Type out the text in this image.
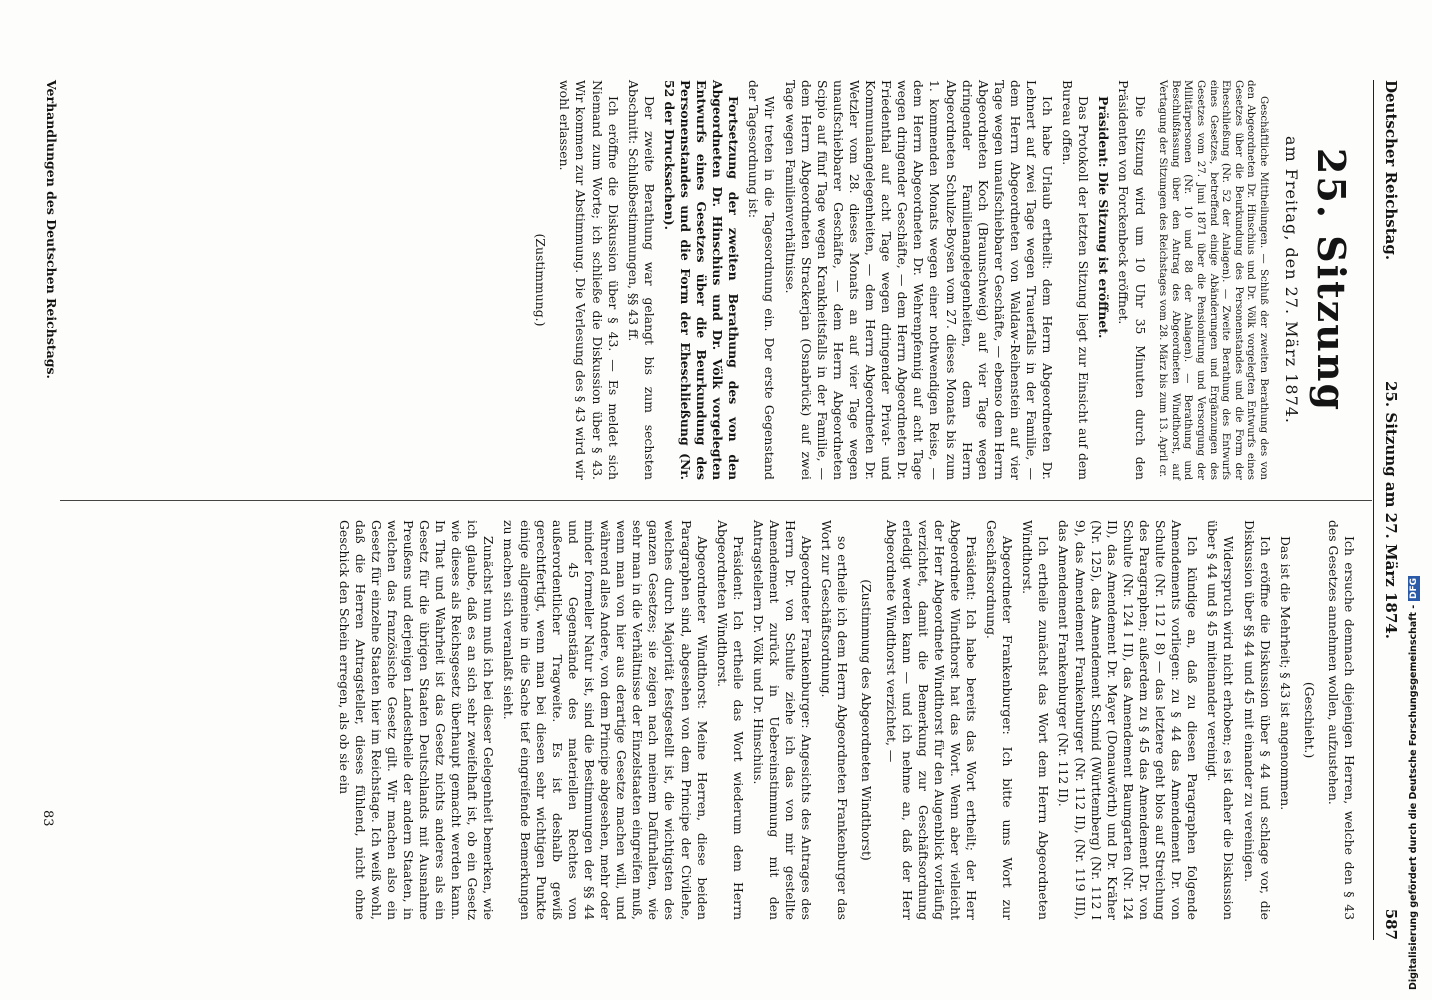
Deutscher Reichstag.
25. Sitzung am 27. März 1874.
587
25. Sitzung
am Freitag, den 27. März 1874.

Geschäftliche Mittheilungen. — Schluß der zweiten Berathung des von den Abgeordneten Dr. Hinschius und Dr. Völk vorgelegten Entwurfs eines Gesetzes über die Beurkundung des Personenstandes und die Form der Eheschließung (Nr. 52 der Anlagen). — Zweite Berathung des Entwurfs eines Gesetzes, betreffend einige Abänderungen und Ergänzungen des Gesetzes vom 27. Juni 1871 über die Pensionirung und Versorgung der Militärpersonen (Nr. 10 und 88 der Anlagen). — Berathung und Beschlußfassung über den Antrag des Abgeordneten Windthorst, auf Vertagung der Sitzungen des Reichstages vom 28. März bis zum 13. April cr.

Die Sitzung wird um 10 Uhr 35 Minuten durch den Präsidenten von Forckenbeck eröffnet.

Präsident: Die Sitzung ist eröffnet.

Das Protokoll der letzten Sitzung liegt zur Einsicht auf dem Bureau offen.

Ich habe Urlaub ertheilt: dem Herrn Abgeordneten Dr. Lehnert auf zwei Tage wegen Trauerfalls in der Familie, — dem Herrn Abgeordneten von Waldaw-Reihenstein auf vier Tage wegen unaufschiebbarer Geschäfte, — ebenso dem Herrn Abgeordneten Koch (Braunschweig) auf vier Tage wegen dringender Familienangelegenheiten, dem Herrn Abgeordneten Schulze-Boysen vom 27. dieses Monats bis zum 1. kommenden Monats wegen einer nothwendigen Reise, — dem Herrn Abgeordneten Dr. Wehrenpfennig auf acht Tage wegen dringender Geschäfte, — dem Herrn Abgeordneten Dr. Friedenthal auf acht Tage wegen dringender Privat- und Kommunalangelegenheiten, — dem Herrn Abgeordneten Dr. Wetzler vom 28. dieses Monats an auf vier Tage wegen unaufschiebbarer Geschäfte, — dem Herrn Abgeordneten Scipio auf fünf Tage wegen Krankheitsfalls in der Familie, — dem Herrn Abgeordneten Strackerjan (Osnabrück) auf zwei Tage wegen Familienverhältnisse.

Wir treten in die Tagesordnung ein. Der erste Gegenstand der Tagesordnung ist:

Fortsetzung der zweiten Berathung des von den Abgeordneten Dr. Hinschius und Dr. Völk vorgelegten Entwurfs eines Gesetzes über die Beurkundung des Personenstandes und die Form der Eheschließung (Nr. 52 der Drucksachen).

Der zweite Berathung war gelangt bis zum sechsten Abschnitt: Schlußbestimmungen, §§ 43 ff.

Ich eröffne die Diskussion über § 43. — Es meldet sich Niemand zum Worte; ich schließe die Diskussion über § 43. Wir kommen zur Abstimmung. Die Verlesung des § 43 wird wir wohl erlassen.

(Zustimmung.)

Ich ersuche demnach diejenigen Herren, welche den § 43 des Gesetzes annehmen wollen, aufzustehen.

(Geschieht.)

Das ist die Mehrheit; § 43 ist angenommen.

Ich eröffne die Diskussion über § 44 und schlage vor, die Diskussion über §§ 44 und 45 mit einander zu vereinigen.

Widerspruch wird nicht erhoben; es ist daher die Diskussion über § 44 und § 45 miteinander vereinigt.

Ich kündige an, daß zu diesen Paragraphen folgende Amendements vorliegen: zu § 44 das Amendement Dr. von Schulte (Nr. 112 I 8) — das letztere geht blos auf Streichung des Paragraphen; außerdem zu § 45 das Amendement Dr. von Schulte (Nr. 124 I II), das Amendement Baumgarten (Nr. 124 II), das Amendement Dr. Mayer (Donauwörth) und Dr. Kräher (Nr. 125), das Amendement Schmid (Württemberg) (Nr. 112 I 9), das Amendement Frankenburger (Nr. 112 II), (Nr. 119 III), das Amendement Frankenburger (Nr. 112 II).

Ich ertheile zunächst das Wort dem Herrn Abgeordneten Windthorst.

Abgeordneter Frankenburger: Ich bitte ums Wort zur Geschäftsordnung.

Präsident: Ich habe bereits das Wort ertheilt; der Herr Abgeordnete Windthorst hat das Wort. Wenn aber vielleicht der Herr Abgeordnete Windthorst für den Augenblick vorläufig verzichtet, damit die Bemerkung zur Geschäftsordnung erledigt werden kann — und ich nehme an, daß der Herr Abgeordnete Windthorst verzichtet, —

(Zustimmung des Abgeordneten Windthorst)

so ertheile ich dem Herrn Abgeordneten Frankenburger das Wort zur Geschäftsordnung.

Abgeordneter Frankenburger: Angesichts des Antrages des Herrn Dr. von Schulte ziehe ich das von mir gestellte Amendement zurück in Uebereinstimmung mit den Antragstellern Dr. Völk und Dr. Hinschius.

Präsident: Ich ertheile das Wort wiederum dem Herrn Abgeordneten Windthorst.

Abgeordneter Windthorst: Meine Herren, diese beiden Paragraphen sind, abgesehen von dem Principe der Civilehe, welches durch Majorität festgestellt ist, die wichtigsten des ganzen Gesetzes; sie zeigen nach meinem Dafürhalten, wie sehr man in die Verhältnisse der Einzelstaaten eingreifen muß, wenn man von hier aus derartige Gesetze machen will, und während alles Andere, von dem Principe abgesehen, mehr oder minder formeller Natur ist, sind die Bestimmungen der §§ 44 und 45 Gegenstände des materiellen Rechtes von außerordentlicher Tragweite. Es ist deshalb gewiß gerechtfertigt, wenn man bei diesen sehr wichtigen Punkte einige allgemeine in die Sache tief eingreifende Bemerkungen zu machen sich veranlaßt sieht.

Zunächst nun muß ich bei dieser Gelegenheit bemerken, wie ich glaube, daß es an sich sehr zweifelhaft ist, ob ein Gesetz wie dieses als Reichsgesetz überhaupt gemacht werden kann. In That und Wahrheit ist das Gesetz nichts anderes als ein Gesetz für die übrigen Staaten Deutschlands mit Ausnahme Preußens und derjenigen Landestheile der andern Staaten, in welchen das französische Gesetz gilt. Wir machen also ein Gesetz für einzelne Staaten hier im Reichstage. Ich weiß wohl, daß die Herren Antragsteller, dieses fühlend, nicht ohne Geschick den Schein erregen, als ob sie ein

Verhandlungen des Deutschen Reichstags.
83	Digitalisierung gefördert durch die Deutsche Forschungsgemeinschaft - DFG
